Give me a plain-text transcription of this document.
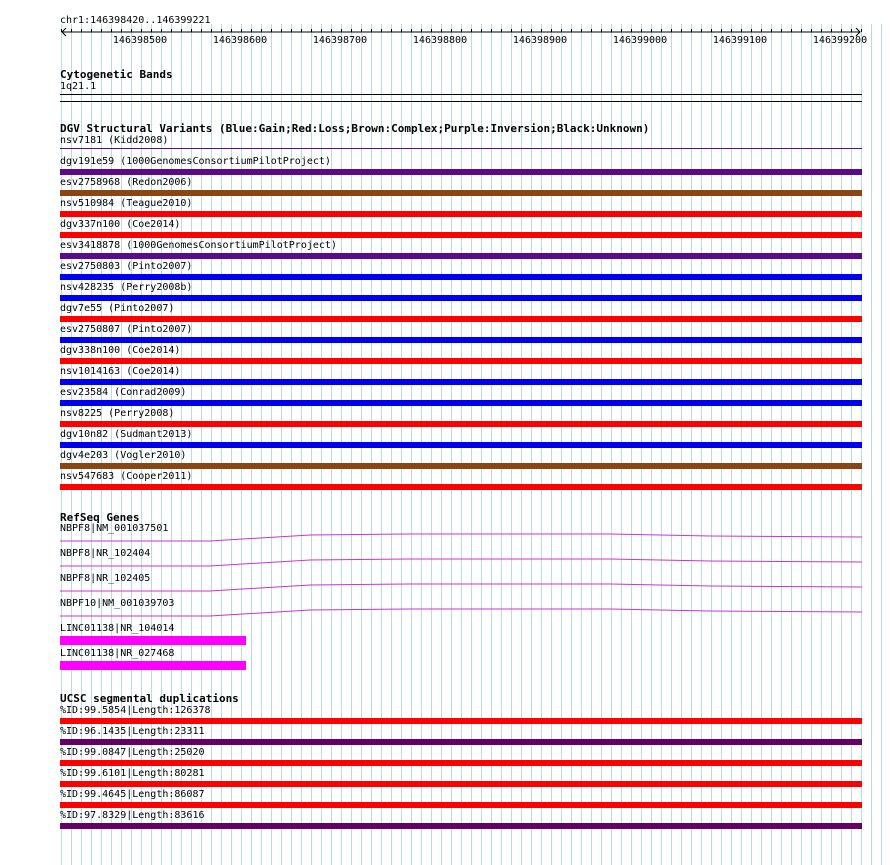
chr1:146398420..146399221
146398500	146398600	146398700	146398800	146398900	146399000	146399100	146399200
Cytogenetic Bands
1q21.1
DGV Structural Variants (Blue:Gain;Red:Loss;Brown:Complex;Purple:Inversion;Black:Unknown)
nsv7181 (Kidd2008)
dgv191e59 (1000GenomesConsortiumPilotProject)
esv2758968 (Redon2006)
nsv510984 (Teague2010)
dgv337n100 (Coe2014)
esv3418878 (1000GenomesConsortiumPilotProject)
esv2750803 (Pinto2007)
nsv428235 (Perry2008b)
dgv7e55 (Pinto2007)
esv2750807 (Pinto2007)
dgv338n100 (Coe2014)
nsv1014163 (Coe2014)
esv23584 (Conrad2009)
nsv8225 (Perry2008)
dgv10n82 (Sudmant2013)
dgv4e203 (Vogler2010)
nsv547683 (Cooper2011)
RefSeq Genes
NBPF8|NM_001037501
NBPF8|NR_102404
NBPF8|NR_102405
NBPF10|NM_001039703
LINC01138|NR_104014
LINC01138|NR_027468
UCSC segmental duplications
%ID:99.5854|Length:126378
%ID:96.1435|Length:23311
%ID:99.0847|Length:25020
%ID:99.6101|Length:80281
%ID:99.4645|Length:86087
%ID:97.8329|Length:83616
